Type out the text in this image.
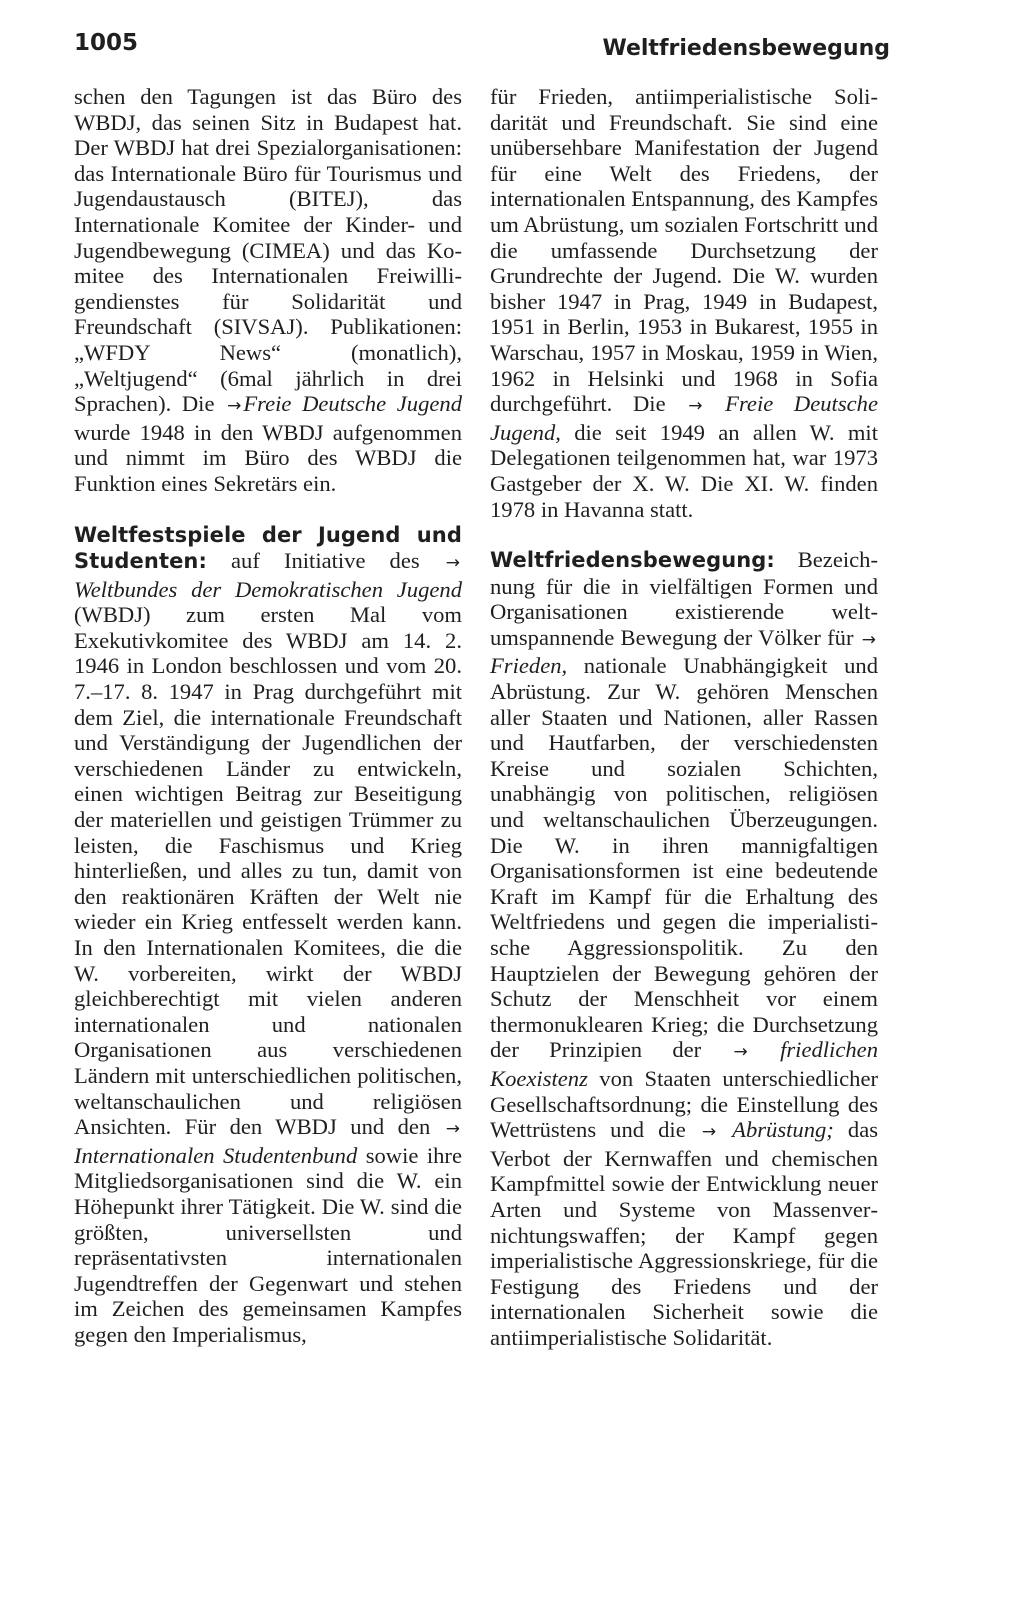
1005	Weltfriedensbewegung

schen den Tagungen ist das Büro des WBDJ, das seinen Sitz in Budapest hat. Der WBDJ hat drei Spezialorganisationen: das Internationale Büro für Tourismus und Jugendaustausch (BITEJ), das Internationale Komitee der Kinder- und Jugendbewegung (CIMEA) und das Komitee des Internationalen Freiwilligendienstes für Solidarität und Freundschaft (SIVSAJ). Publikationen: „WFDY News“ (monatlich), „Weltjugend“ (6mal jährlich in drei Sprachen). Die →Freie Deutsche Jugend wurde 1948 in den WBDJ aufgenommen und nimmt im Büro des WBDJ die Funktion eines Sekretärs ein.

Weltfestspiele der Jugend und Studenten: auf Initiative des → Weltbundes der Demokratischen Jugend (WBDJ) zum ersten Mal vom Exekutivkomitee des WBDJ am 14. 2. 1946 in London beschlossen und vom 20. 7.–17. 8. 1947 in Prag durchgeführt mit dem Ziel, die internationale Freundschaft und Verständigung der Jugendlichen der verschiedenen Länder zu entwickeln, einen wichtigen Beitrag zur Beseitigung der materiellen und geistigen Trümmer zu leisten, die Faschismus und Krieg hinterließen, und alles zu tun, damit von den reaktionären Kräften der Welt nie wieder ein Krieg entfesselt werden kann. In den Internationalen Komitees, die die W. vorbereiten, wirkt der WBDJ gleichberechtigt mit vielen anderen internationalen und nationalen Organisationen aus verschiedenen Ländern mit unterschiedlichen politischen, weltanschaulichen und religiösen Ansichten. Für den WBDJ und den → Internationalen Studentenbund sowie ihre Mitgliedsorganisationen sind die W. ein Höhepunkt ihrer Tätigkeit. Die W. sind die größten, universellsten und repräsentativsten internationalen Jugendtreffen der Gegenwart und stehen im Zeichen des gemeinsamen Kampfes gegen den Imperialismus,

für Frieden, antiimperialistische Solidarität und Freundschaft. Sie sind eine unübersehbare Manifestation der Jugend für eine Welt des Friedens, der internationalen Entspannung, des Kampfes um Abrüstung, um sozialen Fortschritt und die umfassende Durchsetzung der Grundrechte der Jugend. Die W. wurden bisher 1947 in Prag, 1949 in Budapest, 1951 in Berlin, 1953 in Bukarest, 1955 in Warschau, 1957 in Moskau, 1959 in Wien, 1962 in Helsinki und 1968 in Sofia durchgeführt. Die → Freie Deutsche Jugend, die seit 1949 an allen W. mit Delegationen teilgenommen hat, war 1973 Gastgeber der X. W. Die XI. W. finden 1978 in Havanna statt.

Weltfriedensbewegung: Bezeichnung für die in vielfältigen Formen und Organisationen existierende weltumspannende Bewegung der Völker für → Frieden, nationale Unabhängigkeit und Abrüstung. Zur W. gehören Menschen aller Staaten und Nationen, aller Rassen und Hautfarben, der verschiedensten Kreise und sozialen Schichten, unabhängig von politischen, religiösen und weltanschaulichen Überzeugungen. Die W. in ihren mannigfaltigen Organisationsformen ist eine bedeutende Kraft im Kampf für die Erhaltung des Weltfriedens und gegen die imperialistische Aggressionspolitik. Zu den Hauptzielen der Bewegung gehören der Schutz der Menschheit vor einem thermonuklearen Krieg; die Durchsetzung der Prinzipien der → friedlichen Koexistenz von Staaten unterschiedlicher Gesellschaftsordnung; die Einstellung des Wettrüstens und die → Abrüstung; das Verbot der Kernwaffen und chemischen Kampfmittel sowie der Entwicklung neuer Arten und Systeme von Massenvernichtungswaffen; der Kampf gegen imperialistische Aggressionskriege, für die Festigung des Friedens und der internationalen Sicherheit sowie die antiimperialistische Solidarität.
